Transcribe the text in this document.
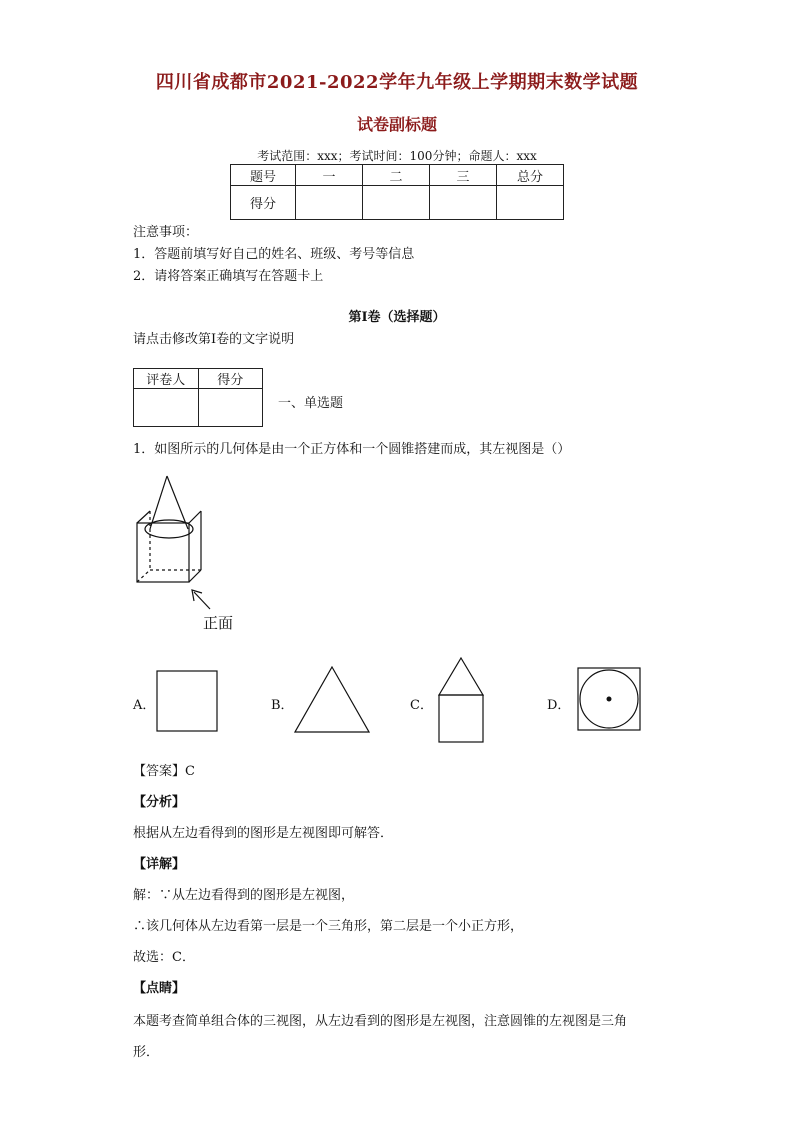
四川省成都市2021-2022学年九年级上学期期末数学试题
试卷副标题
考试范围：xxx；考试时间：100分钟；命题人：xxx
题号	一	二	三	总分
得分				
注意事项：
1．答题前填写好自己的姓名、班级、考号等信息
2．请将答案正确填写在答题卡上
第I卷（选择题）
请点击修改第I卷的文字说明
评卷人	得分

一、单选题
1．如图所示的几何体是由一个正方体和一个圆锥搭建而成，其左视图是（）
正面
A．	B．	C．	D．
【答案】C
【分析】
根据从左边看得到的图形是左视图即可解答．
【详解】
解：∵从左边看得到的图形是左视图，
∴该几何体从左边看第一层是一个三角形，第二层是一个小正方形，
故选：C．
【点睛】
本题考查简单组合体的三视图，从左边看到的图形是左视图，注意圆锥的左视图是三角
形．
